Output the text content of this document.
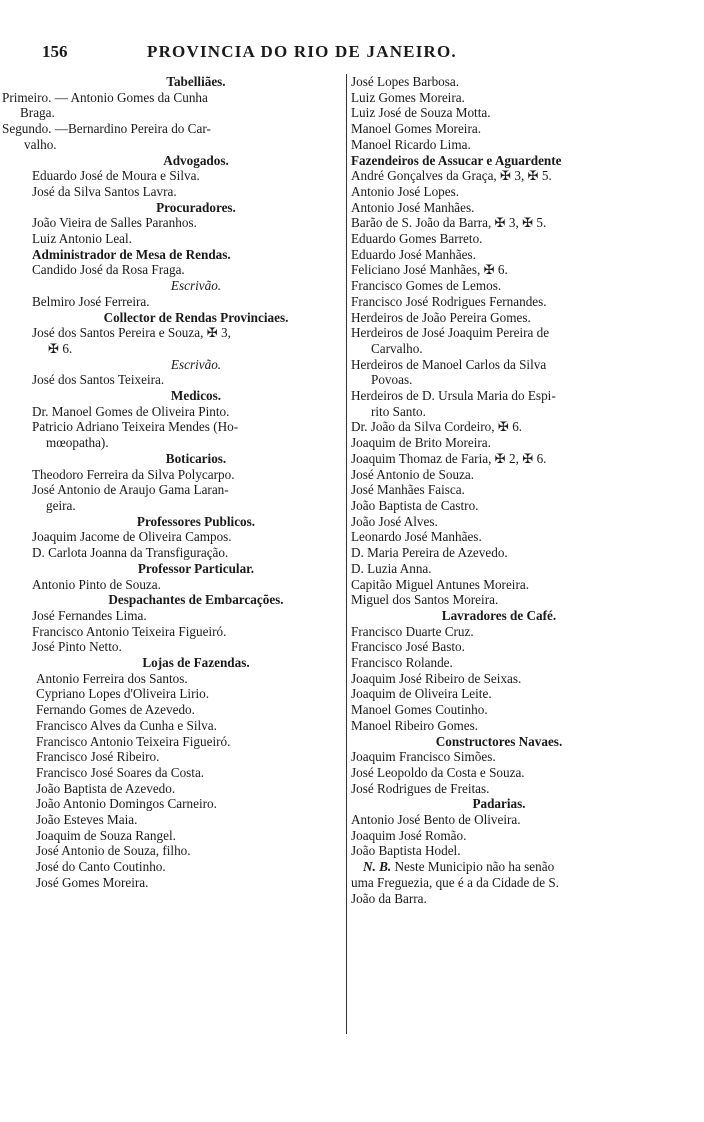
156	PROVINCIA DO RIO DE JANEIRO.
Tabelliães.
Primeiro. — Antonio Gomes da Cunha
Braga.
Segundo. —Bernardino Pereira do Car-
valho.
Advogados.
Eduardo José de Moura e Silva.
José da Silva Santos Lavra.
Procuradores.
João Vieira de Salles Paranhos.
Luiz Antonio Leal.
Administrador de Mesa de Rendas.
Candido José da Rosa Fraga.
Escrivão.
Belmiro José Ferreira.
Collector de Rendas Provinciaes.
José dos Santos Pereira e Souza, ✠ 3,
✠ 6.
Escrivão.
José dos Santos Teixeira.
Medicos.
Dr. Manoel Gomes de Oliveira Pinto.
Patricio Adriano Teixeira Mendes (Ho-
mœopatha).
Boticarios.
Theodoro Ferreira da Silva Polycarpo.
José Antonio de Araujo Gama Laran-
geira.
Professores Publicos.
Joaquim Jacome de Oliveira Campos.
D. Carlota Joanna da Transfiguração.
Professor Particular.
Antonio Pinto de Souza.
Despachantes de Embarcações.
José Fernandes Lima.
Francisco Antonio Teixeira Figueiró.
José Pinto Netto.
Lojas de Fazendas.
Antonio Ferreira dos Santos.
Cypriano Lopes d'Oliveira Lirio.
Fernando Gomes de Azevedo.
Francisco Alves da Cunha e Silva.
Francisco Antonio Teixeira Figueiró.
Francisco José Ribeiro.
Francisco José Soares da Costa.
João Baptista de Azevedo.
João Antonio Domingos Carneiro.
João Esteves Maia.
Joaquim de Souza Rangel.
José Antonio de Souza, filho.
José do Canto Coutinho.
José Gomes Moreira.
José Lopes Barbosa.
Luiz Gomes Moreira.
Luiz José de Souza Motta.
Manoel Gomes Moreira.
Manoel Ricardo Lima.
Fazendeiros de Assucar e Aguardente
André Gonçalves da Graça, ✠ 3, ✠ 5.
Antonio José Lopes.
Antonio José Manhães.
Barão de S. João da Barra, ✠ 3, ✠ 5.
Eduardo Gomes Barreto.
Eduardo José Manhães.
Feliciano José Manhães, ✠ 6.
Francisco Gomes de Lemos.
Francisco José Rodrigues Fernandes.
Herdeiros de João Pereira Gomes.
Herdeiros de José Joaquim Pereira de
Carvalho.
Herdeiros de Manoel Carlos da Silva
Povoas.
Herdeiros de D. Ursula Maria do Espi-
rito Santo.
Dr. João da Silva Cordeiro, ✠ 6.
Joaquim de Brito Moreira.
Joaquim Thomaz de Faria, ✠ 2, ✠ 6.
José Antonio de Souza.
José Manhães Faisca.
João Baptista de Castro.
João José Alves.
Leonardo José Manhães.
D. Maria Pereira de Azevedo.
D. Luzia Anna.
Capitão Miguel Antunes Moreira.
Miguel dos Santos Moreira.
Lavradores de Café.
Francisco Duarte Cruz.
Francisco José Basto.
Francisco Rolande.
Joaquim José Ribeiro de Seixas.
Joaquim de Oliveira Leite.
Manoel Gomes Coutinho.
Manoel Ribeiro Gomes.
Constructores Navaes.
Joaquim Francisco Simões.
José Leopoldo da Costa e Souza.
José Rodrigues de Freitas.
Padarias.
Antonio José Bento de Oliveira.
Joaquim José Romão.
João Baptista Hodel.
N. B. Neste Municipio não ha senão
uma Freguezia, que é a da Cidade de S.
João da Barra.
